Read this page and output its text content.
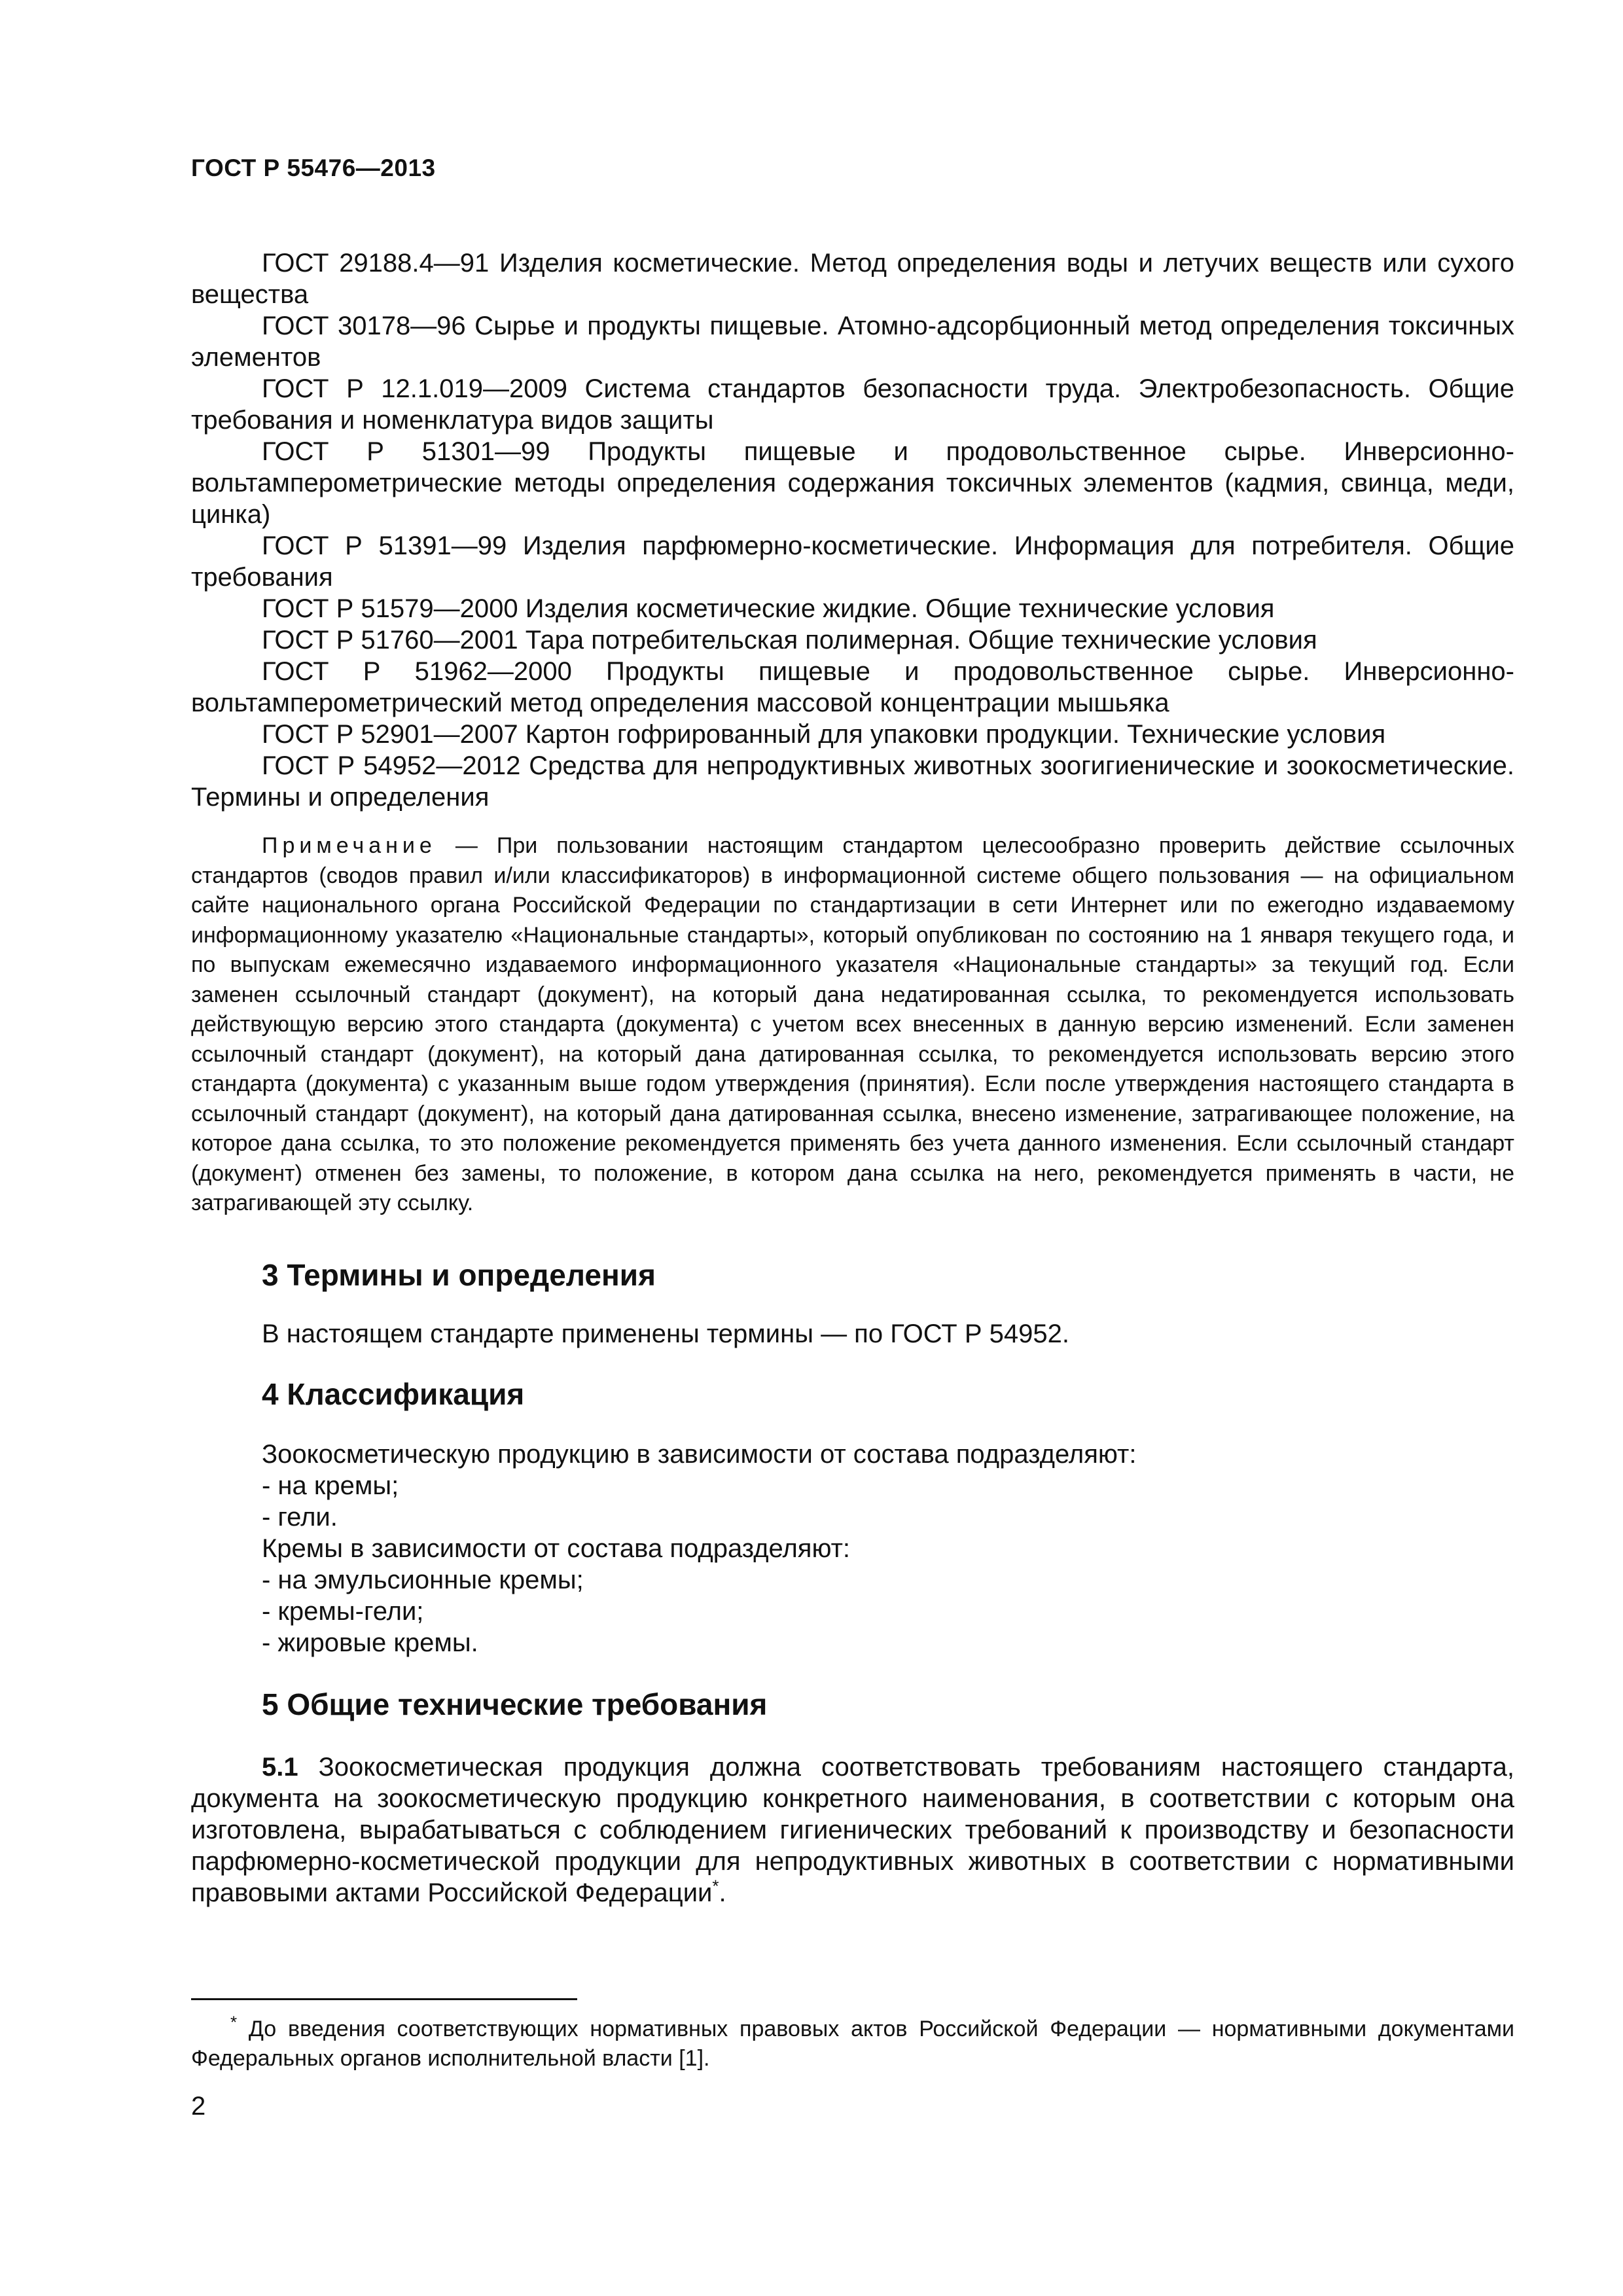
ГОСТ Р 55476—2013

ГОСТ 29188.4—91 Изделия косметические. Метод определения воды и летучих веществ или сухого вещества

ГОСТ 30178—96 Сырье и продукты пищевые. Атомно-адсорбционный метод определения токсичных элементов

ГОСТ Р 12.1.019—2009 Система стандартов безопасности труда. Электробезопасность. Общие требования и номенклатура видов защиты

ГОСТ Р 51301—99 Продукты пищевые и продовольственное сырье. Инверсионно-вольтамперометрические методы определения содержания токсичных элементов (кадмия, свинца, меди, цинка)

ГОСТ Р 51391—99 Изделия парфюмерно-косметические. Информация для потребителя. Общие требования

ГОСТ Р 51579—2000 Изделия косметические жидкие. Общие технические условия

ГОСТ Р 51760—2001 Тара потребительская полимерная. Общие технические условия

ГОСТ Р 51962—2000 Продукты пищевые и продовольственное сырье. Инверсионно-вольтамперометрический метод определения массовой концентрации мышьяка

ГОСТ Р 52901—2007 Картон гофрированный для упаковки продукции. Технические условия

ГОСТ Р 54952—2012 Средства для непродуктивных животных зоогигиенические и зоокосметические. Термины и определения

Примечание — При пользовании настоящим стандартом целесообразно проверить действие ссылочных стандартов (сводов правил и/или классификаторов) в информационной системе общего пользования — на официальном сайте национального органа Российской Федерации по стандартизации в сети Интернет или по ежегодно издаваемому информационному указателю «Национальные стандарты», который опубликован по состоянию на 1 января текущего года, и по выпускам ежемесячно издаваемого информационного указателя «Национальные стандарты» за текущий год. Если заменен ссылочный стандарт (документ), на который дана недатированная ссылка, то рекомендуется использовать действующую версию этого стандарта (документа) с учетом всех внесенных в данную версию изменений. Если заменен ссылочный стандарт (документ), на который дана датированная ссылка, то рекомендуется использовать версию этого стандарта (документа) с указанным выше годом утверждения (принятия). Если после утверждения настоящего стандарта в ссылочный стандарт (документ), на который дана датированная ссылка, внесено изменение, затрагивающее положение, на которое дана ссылка, то это положение рекомендуется применять без учета данного изменения. Если ссылочный стандарт (документ) отменен без замены, то положение, в котором дана ссылка на него, рекомендуется применять в части, не затрагивающей эту ссылку.

3 Термины и определения

В настоящем стандарте применены термины — по ГОСТ Р 54952.

4 Классификация

Зоокосметическую продукцию в зависимости от состава подразделяют:

- на кремы;

- гели.

Кремы в зависимости от состава подразделяют:

- на эмульсионные кремы;

- кремы-гели;

- жировые кремы.

5 Общие технические требования

5.1 Зоокосметическая продукция должна соответствовать требованиям настоящего стандарта, документа на зоокосметическую продукцию конкретного наименования, в соответствии с которым она изготовлена, вырабатываться с соблюдением гигиенических требований к производству и безопасности парфюмерно-косметической продукции для непродуктивных животных в соответствии с нормативными правовыми актами Российской Федерации*.

* До введения соответствующих нормативных правовых актов Российской Федерации — нормативными документами Федеральных органов исполнительной власти [1].

2
